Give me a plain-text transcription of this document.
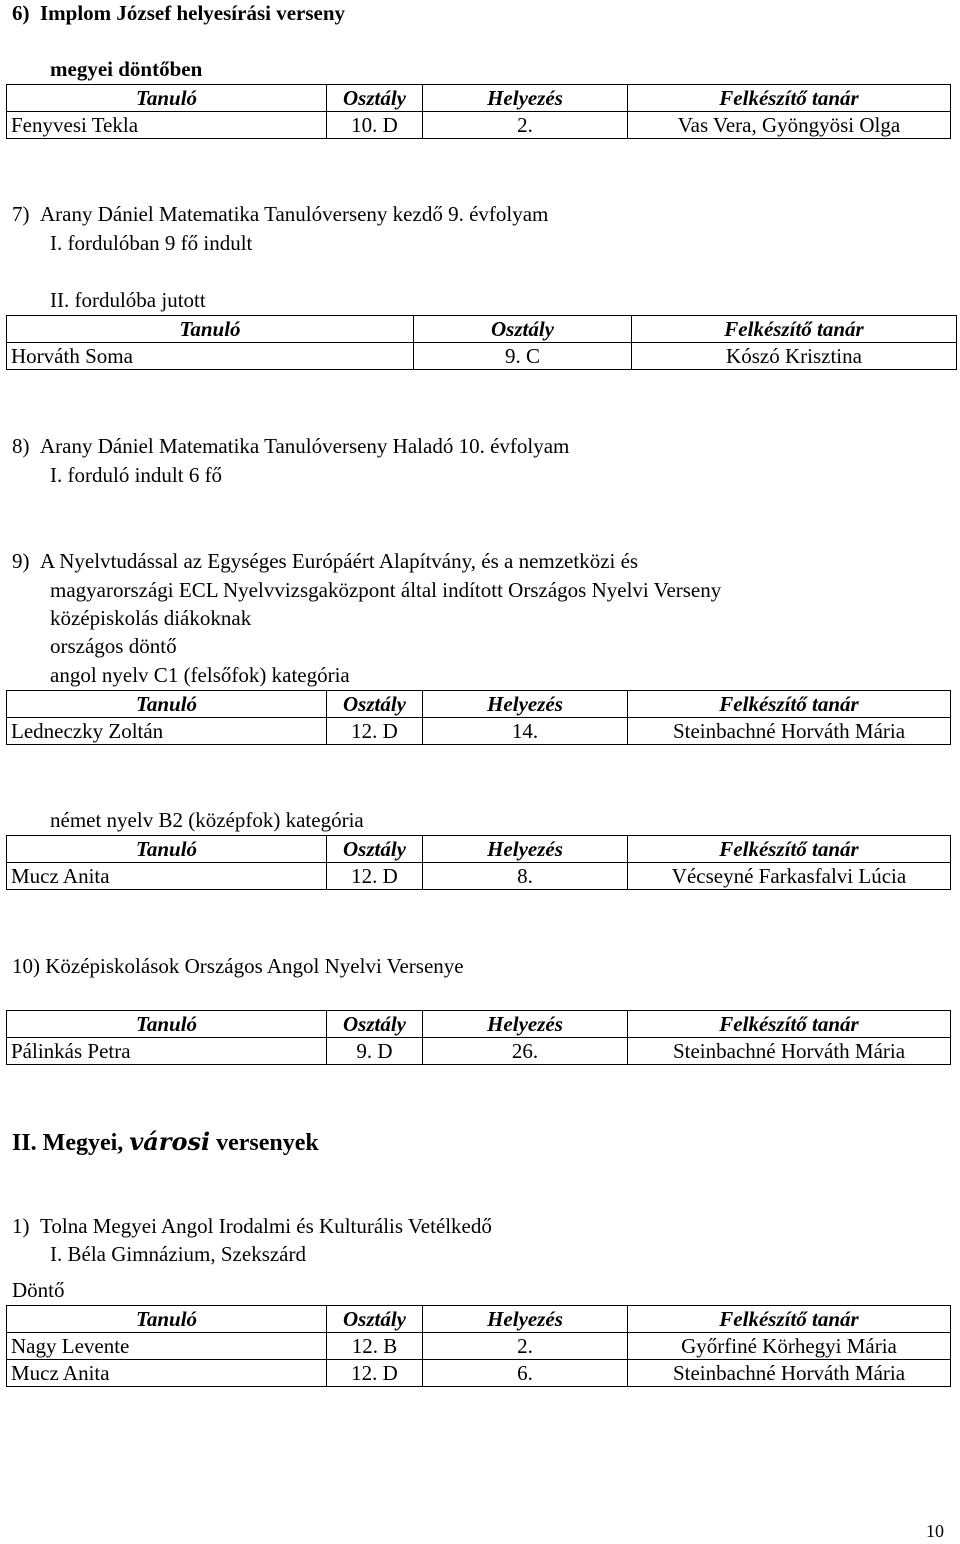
6)  Implom József helyesírási verseny
megyei döntőben
Tanuló	Osztály	Helyezés	Felkészítő tanár
Fenyvesi Tekla	10. D	2.	Vas Vera, Gyöngyösi Olga
7)  Arany Dániel Matematika Tanulóverseny kezdő 9. évfolyam
I. fordulóban 9 fő indult
II. fordulóba jutott
Tanuló	Osztály	Felkészítő tanár
Horváth Soma	9. C	Kószó Krisztina
8)  Arany Dániel Matematika Tanulóverseny Haladó 10. évfolyam
I. forduló indult 6 fő
9)  A Nyelvtudással az Egységes Európáért Alapítvány, és a nemzetközi és
magyarországi ECL Nyelvvizsgaközpont által indított Országos Nyelvi Verseny
középiskolás diákoknak
országos döntő
angol nyelv C1 (felsőfok) kategória
Tanuló	Osztály	Helyezés	Felkészítő tanár
Ledneczky Zoltán	12. D	14.	Steinbachné Horváth Mária
német nyelv B2 (középfok) kategória
Tanuló	Osztály	Helyezés	Felkészítő tanár
Mucz Anita	12. D	8.	Vécseyné Farkasfalvi Lúcia
10) Középiskolások Országos Angol Nyelvi Versenye
Tanuló	Osztály	Helyezés	Felkészítő tanár
Pálinkás Petra	9. D	26.	Steinbachné Horváth Mária
II. Megyei, városi versenyek
1)  Tolna Megyei Angol Irodalmi és Kulturális Vetélkedő
I. Béla Gimnázium, Szekszárd
Döntő
Tanuló	Osztály	Helyezés	Felkészítő tanár
Nagy Levente	12. B	2.	Győrfiné Körhegyi Mária
Mucz Anita	12. D	6.	Steinbachné Horváth Mária
10
